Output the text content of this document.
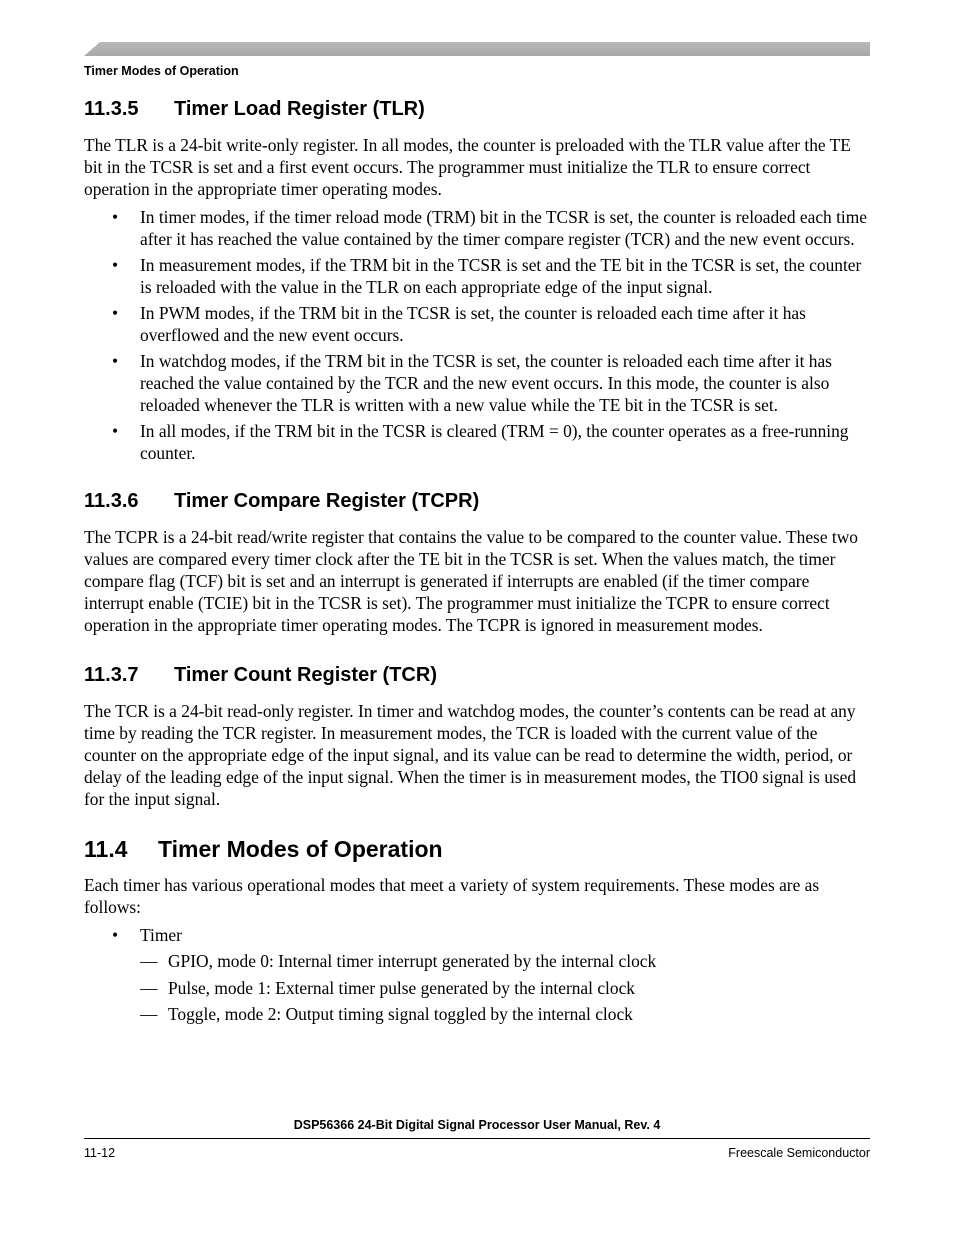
Timer Modes of Operation
11.3.5	Timer Load Register (TLR)

The TLR is a 24-bit write-only register. In all modes, the counter is preloaded with the TLR value after the TE bit in the TCSR is set and a first event occurs. The programmer must initialize the TLR to ensure correct operation in the appropriate timer operating modes.

• In timer modes, if the timer reload mode (TRM) bit in the TCSR is set, the counter is reloaded each time after it has reached the value contained by the timer compare register (TCR) and the new event occurs.
• In measurement modes, if the TRM bit in the TCSR is set and the TE bit in the TCSR is set, the counter is reloaded with the value in the TLR on each appropriate edge of the input signal.
• In PWM modes, if the TRM bit in the TCSR is set, the counter is reloaded each time after it has overflowed and the new event occurs.
• In watchdog modes, if the TRM bit in the TCSR is set, the counter is reloaded each time after it has reached the value contained by the TCR and the new event occurs. In this mode, the counter is also reloaded whenever the TLR is written with a new value while the TE bit in the TCSR is set.
• In all modes, if the TRM bit in the TCSR is cleared (TRM = 0), the counter operates as a free-running counter.
11.3.6	Timer Compare Register (TCPR)

The TCPR is a 24-bit read/write register that contains the value to be compared to the counter value. These two values are compared every timer clock after the TE bit in the TCSR is set. When the values match, the timer compare flag (TCF) bit is set and an interrupt is generated if interrupts are enabled (if the timer compare interrupt enable (TCIE) bit in the TCSR is set). The programmer must initialize the TCPR to ensure correct operation in the appropriate timer operating modes. The TCPR is ignored in measurement modes.

11.3.7	Timer Count Register (TCR)

The TCR is a 24-bit read-only register. In timer and watchdog modes, the counter’s contents can be read at any time by reading the TCR register. In measurement modes, the TCR is loaded with the current value of the counter on the appropriate edge of the input signal, and its value can be read to determine the width, period, or delay of the leading edge of the input signal. When the timer is in measurement modes, the TIO0 signal is used for the input signal.

11.4	Timer Modes of Operation

Each timer has various operational modes that meet a variety of system requirements. These modes are as follows:

• Timer
— GPIO, mode 0: Internal timer interrupt generated by the internal clock
— Pulse, mode 1: External timer pulse generated by the internal clock
— Toggle, mode 2: Output timing signal toggled by the internal clock
DSP56366 24-Bit Digital Signal Processor User Manual, Rev. 4
11-12	Freescale Semiconductor
